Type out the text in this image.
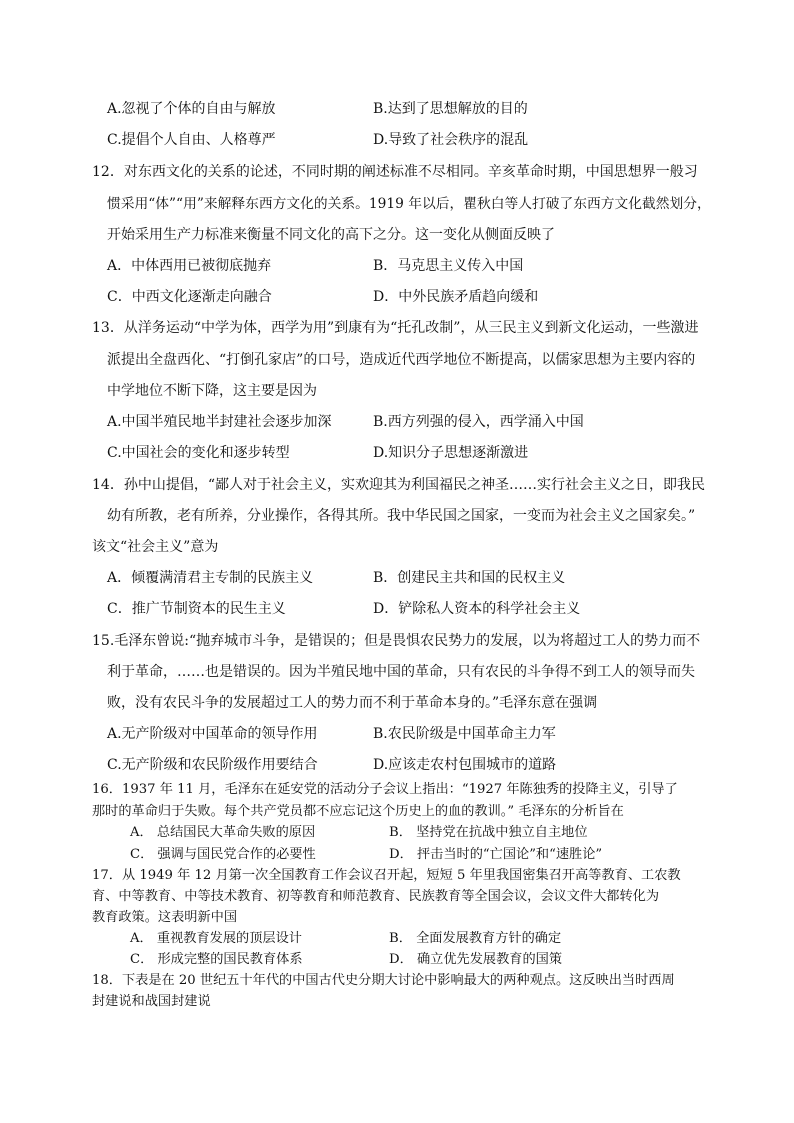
A.忽视了个体的自由与解放	B.达到了思想解放的目的
C.提倡个人自由、人格尊严	D.导致了社会秩序的混乱
12．对东西文化的关系的论述，不同时期的阐述标准不尽相同。辛亥革命时期，中国思想界一般习
惯采用“体”“用”来解释东西方文化的关系。1919 年以后，瞿秋白等人打破了东西方文化截然划分，
开始采用生产力标准来衡量不同文化的高下之分。这一变化从侧面反映了
A．中体西用已被彻底抛弃	B．马克思主义传入中国
C．中西文化逐渐走向融合	D．中外民族矛盾趋向缓和
13．从洋务运动“中学为体，西学为用”到康有为“托孔改制”，从三民主义到新文化运动，一些激进
派提出全盘西化、“打倒孔家店”的口号，造成近代西学地位不断提高，以儒家思想为主要内容的
中学地位不断下降，这主要是因为
A.中国半殖民地半封建社会逐步加深	B.西方列强的侵入，西学涌入中国
C.中国社会的变化和逐步转型	D.知识分子思想逐渐激进
14．孙中山提倡，“鄙人对于社会主义，实欢迎其为利国福民之神圣……实行社会主义之日，即我民
幼有所教，老有所养，分业操作，各得其所。我中华民国之国家，一变而为社会主义之国家矣。”
该文“社会主义”意为
A．倾覆满清君主专制的民族主义	B．创建民主共和国的民权主义
C．推广节制资本的民生主义	D．铲除私人资本的科学社会主义
15.毛泽东曾说:“抛弃城市斗争，是错误的；但是畏惧农民势力的发展，以为将超过工人的势力而不
利于革命，……也是错误的。因为半殖民地中国的革命，只有农民的斗争得不到工人的领导而失
败，没有农民斗争的发展超过工人的势力而不利于革命本身的。”毛泽东意在强调
A.无产阶级对中国革命的领导作用	B.农民阶级是中国革命主力军
C.无产阶级和农民阶级作用要结合	D.应该走农村包围城市的道路
16．1937 年 11 月，毛泽东在延安党的活动分子会议上指出：“1927 年陈独秀的投降主义，引导了
那时的革命归于失败。每个共产党员都不应忘记这个历史上的血的教训。” 毛泽东的分析旨在
A． 总结国民大革命失败的原因	B． 坚持党在抗战中独立自主地位
C． 强调与国民党合作的必要性	D． 抨击当时的“亡国论”和“速胜论”
17．从 1949 年 12 月第一次全国教育工作会议召开起，短短 5 年里我国密集召开高等教育、工农教
育、中等教育、中等技术教育、初等教育和师范教育、民族教育等全国会议，会议文件大都转化为
教育政策。这表明新中国
A． 重视教育发展的顶层设计	B． 全面发展教育方针的确定
C． 形成完整的国民教育体系	D． 确立优先发展教育的国策
18．下表是在 20 世纪五十年代的中国古代史分期大讨论中影响最大的两种观点。这反映出当时西周
封建说和战国封建说
